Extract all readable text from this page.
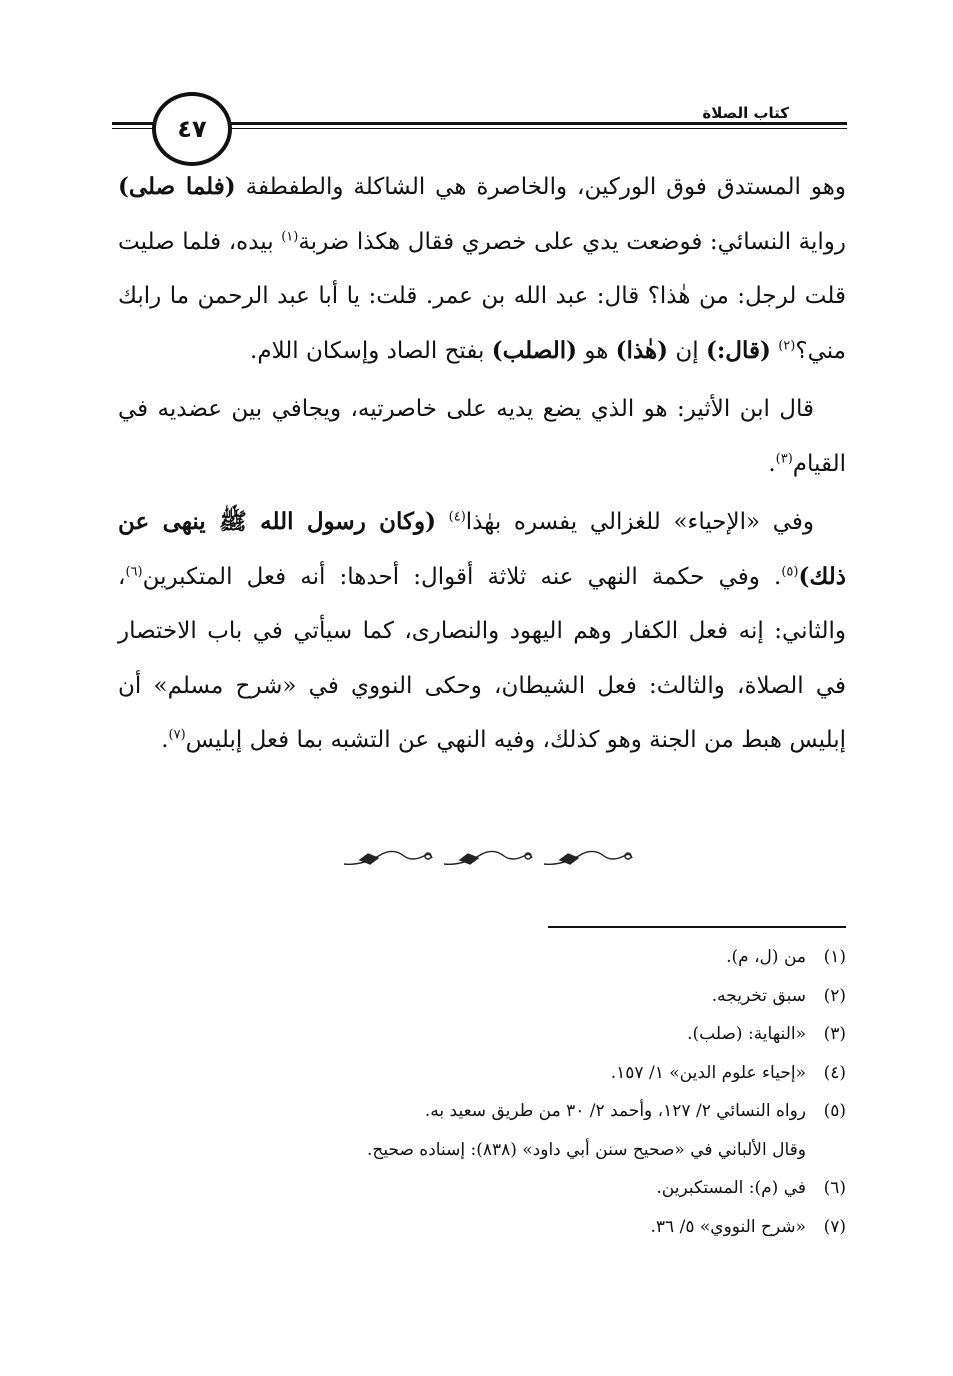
٤٧
كتاب الصلاة

وهو المستدق فوق الوركين، والخاصرة هي الشاكلة والطفطفة (فلما صلى) رواية النسائي: فوضعت يدي على خصري فقال هكذا ضربة$^{(١)}$ بيده، فلما صليت قلت لرجل: من هٰذا؟ قال: عبد الله بن عمر. قلت: يا أبا عبد الرحمن ما رابك مني؟$^{(٢)}$ (قال:) إن (هٰذا) هو (الصلب) بفتح الصاد وإسكان اللام.

قال ابن الأثير: هو الذي يضع يديه على خاصرتيه، ويجافي بين عضديه في القيام$^{(٣)}$.

وفي «الإحياء» للغزالي يفسره بهٰذا$^{(٤)}$ (وكان رسول الله ﷺ ينهى عن ذلك)$^{(٥)}$. وفي حكمة النهي عنه ثلاثة أقوال: أحدها: أنه فعل المتكبرين$^{(٦)}$، والثاني: إنه فعل الكفار وهم اليهود والنصارى، كما سيأتي في باب الاختصار في الصلاة، والثالث: فعل الشيطان، وحكى النووي في «شرح مسلم» أن إبليس هبط من الجنة وهو كذلك، وفيه النهي عن التشبه بما فعل إبليس$^{(٧)}$.

(١)
من (ل، م).
(٢)
سبق تخريجه.
(٣)
«النهاية: (صلب).
(٤)
«إحياء علوم الدين» ١/ ١٥٧.
(٥)
رواه النسائي ٢/ ١٢٧، وأحمد ٢/ ٣٠ من طريق سعيد به.
وقال الألباني في «صحيح سنن أبي داود» (٨٣٨): إسناده صحيح.
(٦)
في (م): المستكبرين.
(٧)
«شرح النووي» ٥/ ٣٦.
